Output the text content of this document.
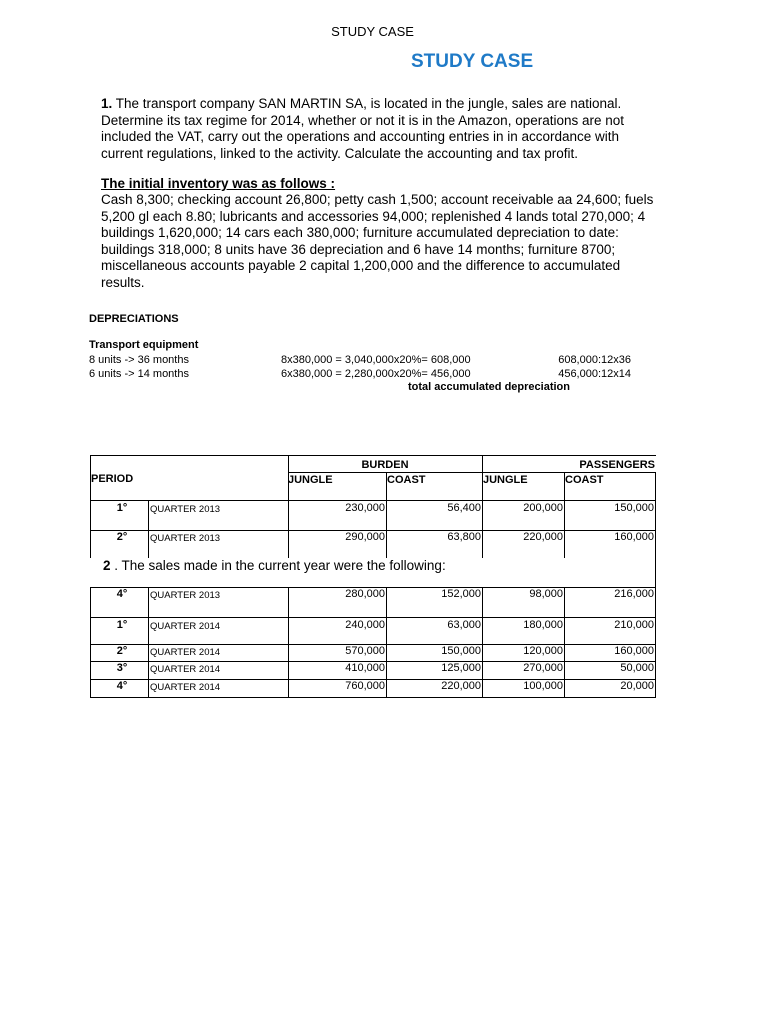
STUDY CASE
STUDY CASE
1. The transport company SAN MARTIN SA, is located in the jungle, sales are national. Determine its tax regime for 2014, whether or not it is in the Amazon, operations are not included the VAT, carry out the operations and accounting entries in in accordance with current regulations, linked to the activity. Calculate the accounting and tax profit.
The initial inventory was as follows :
Cash 8,300; checking account 26,800; petty cash 1,500; account receivable aa 24,600; fuels 5,200 gl each 8.80; lubricants and accessories 94,000; replenished 4 lands total 270,000; 4 buildings 1,620,000; 14 cars each 380,000; furniture accumulated depreciation to date: buildings 318,000; 8 units have 36 depreciation and 6 have 14 months; furniture 8700; miscellaneous accounts payable 2 capital 1,200,000 and the difference to accumulated results.
DEPRECIATIONS
Transport equipment
8 units -> 36 months	8x380,000 = 3,040,000x20%= 608,000	608,000:12x36
6 units -> 14 months	6x380,000 = 2,280,000x20%= 456,000	456,000:12x14
total accumulated depreciation
BURDEN	PASSENGERS
PERIOD	JUNGLE	COAST	JUNGLE	COAST
2 . The sales made in the current year were the following:
1°	QUARTER 2013	230,000	56,400	200,000	150,000
2°	QUARTER 2013	290,000	63,800	220,000	160,000
4°	QUARTER 2013	280,000	152,000	98,000	216,000
1°	QUARTER 2014	240,000	63,000	180,000	210,000
2°	QUARTER 2014	570,000	150,000	120,000	160,000
3°	QUARTER 2014	410,000	125,000	270,000	50,000
4°	QUARTER 2014	760,000	220,000	100,000	20,000
